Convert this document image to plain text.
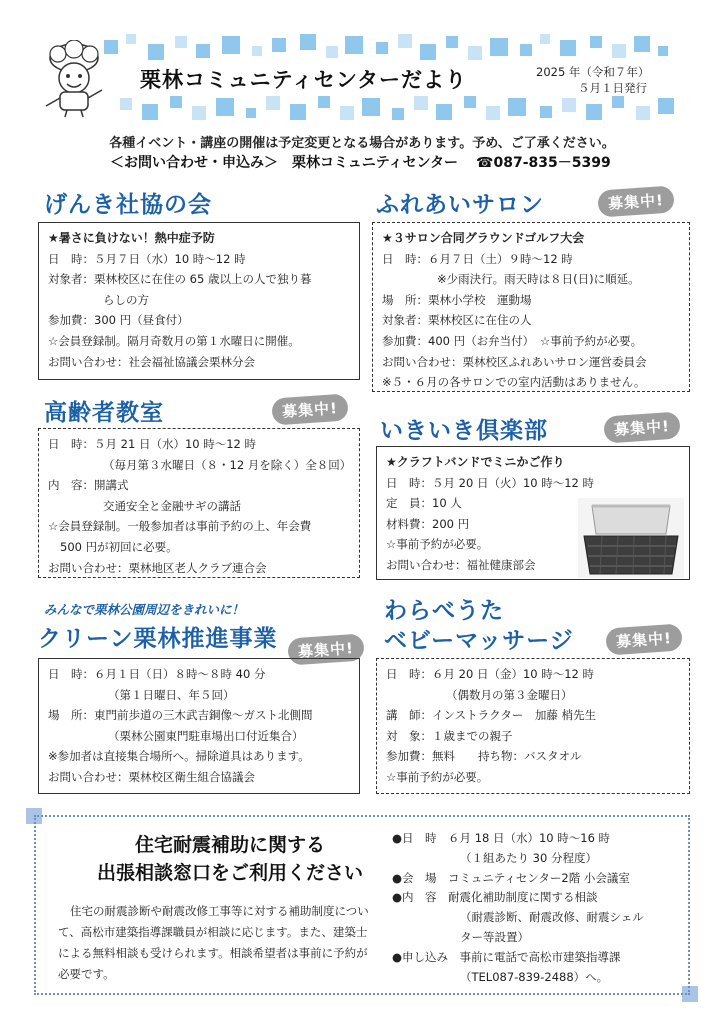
栗林コミュニティセンターだより	2025 年（令和７年）
５月１日発行
各種イベント・講座の開催は予定変更となる場合があります。予め、ご了承ください。
＜お問い合わせ・申込み＞　栗林コミュニティセンター ☎087-835－5399
げんき社協の会
★暑さに負けない！熱中症予防
日　時：５月７日（水）10 時～12 時
対象者：栗林校区に在住の 65 歳以上の人で独り暮
らしの方
参加費：300 円（昼食付）
☆会員登録制。隔月奇数月の第１水曜日に開催。
お問い合わせ：社会福祉協議会栗林分会
ふれあいサロン	募集中!
★３サロン合同グラウンドゴルフ大会
日　時：６月７日（土）９時～12 時
※少雨決行。雨天時は８日(日)に順延。
場　所：栗林小学校　運動場
対象者：栗林校区に在住の人
参加費：400 円（お弁当付）　☆事前予約が必要。
お問い合わせ：栗林校区ふれあいサロン運営委員会
※５・６月の各サロンでの室内活動はありません。
高齢者教室	募集中!
日　時：５月 21 日（水）10 時～12 時
（毎月第３水曜日（８・12 月を除く）全８回）
内　容：開講式
交通安全と金融サギの講話
☆会員登録制。一般参加者は事前予約の上、年会費
500 円が初回に必要。
お問い合わせ：栗林地区老人クラブ連合会
いきいき倶楽部	募集中!
★クラフトバンドでミニかご作り
日　時：５月 20 日（火）10 時～12 時
定　員：10 人
材料費：200 円
☆事前予約が必要。
お問い合わせ：福祉健康部会
みんなで栗林公園周辺をきれいに！
クリーン栗林推進事業	募集中!
日　時：６月１日（日）８時～８時 40 分
（第１日曜日、年５回）
場　所：東門前歩道の三木武吉銅像～ガスト北側間
（栗林公園東門駐車場出口付近集合）
※参加者は直接集合場所へ。掃除道具はあります。
お問い合わせ：栗林校区衛生組合協議会
わらべうた
ベビーマッサージ	募集中!
日　時：６月 20 日（金）10 時～12 時
（偶数月の第３金曜日）
講　師：インストラクター　加藤 梢先生
対　象：１歳までの親子
参加費：無料　　持ち物：バスタオル
☆事前予約が必要。
住宅耐震補助に関する
出張相談窓口をご利用ください
住宅の耐震診断や耐震改修工事等に対する補助制度について、高松市建築指導課職員が相談に応じます。また、建築士による無料相談も受けられます。相談希望者は事前に予約が必要です。
●日　時　６月 18 日（水）10 時～16 時
（１組あたり 30 分程度）
●会　場　コミュニティセンター2階 小会議室
●内　容　耐震化補助制度に関する相談
（耐震診断、耐震改修、耐震シェル
ター等設置）
●申し込み　事前に電話で高松市建築指導課
（TEL087-839-2488）へ。
